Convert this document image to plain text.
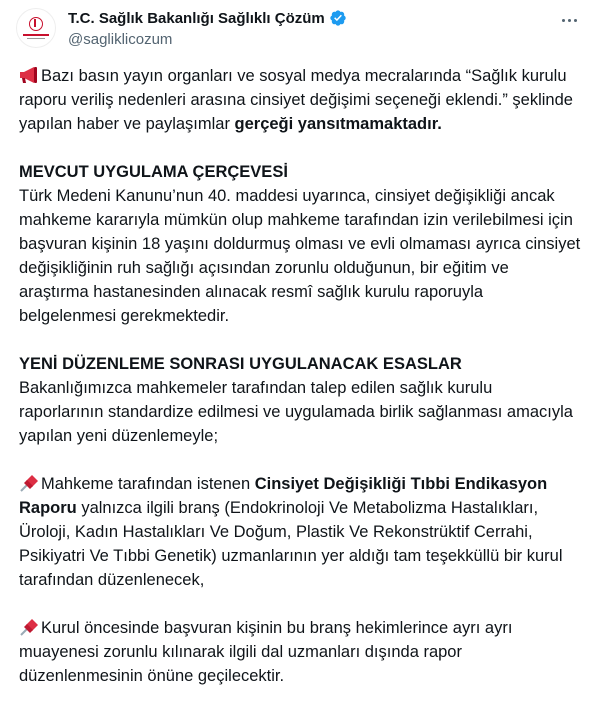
T.C. Sağlık Bakanlığı Sağlıklı Çözüm
@sagliklicozum

Bazı basın yayın organları ve sosyal medya mecralarında “Sağlık kurulu raporu veriliş nedenleri arasına cinsiyet değişimi seçeneği eklendi.” şeklinde yapılan haber ve paylaşımlar gerçeği yansıtmamaktadır.

MEVCUT UYGULAMA ÇERÇEVESİ

Türk Medeni Kanunu’nun 40. maddesi uyarınca, cinsiyet değişikliği ancak mahkeme kararıyla mümkün olup mahkeme tarafından izin verilebilmesi için başvuran kişinin 18 yaşını doldurmuş olması ve evli olmaması ayrıca cinsiyet değişikliğinin ruh sağlığı açısından zorunlu olduğunun, bir eğitim ve araştırma hastanesinden alınacak resmî sağlık kurulu raporuyla belgelenmesi gerekmektedir.

YENİ DÜZENLEME SONRASI UYGULANACAK ESASLAR

Bakanlığımızca mahkemeler tarafından talep edilen sağlık kurulu raporlarının standardize edilmesi ve uygulamada birlik sağlanması amacıyla yapılan yeni düzenlemeyle;

Mahkeme tarafından istenen Cinsiyet Değişikliği Tıbbi Endikasyon Raporu yalnızca ilgili branş (Endokrinoloji Ve Metabolizma Hastalıkları, Üroloji, Kadın Hastalıkları Ve Doğum, Plastik Ve Rekonstrüktif Cerrahi, Psikiyatri Ve Tıbbi Genetik) uzmanlarının yer aldığı tam teşekküllü bir kurul tarafından düzenlenecek,

Kurul öncesinde başvuran kişinin bu branş hekimlerince ayrı ayrı muayenesi zorunlu kılınarak ilgili dal uzmanları dışında rapor düzenlenmesinin önüne geçilecektir.
